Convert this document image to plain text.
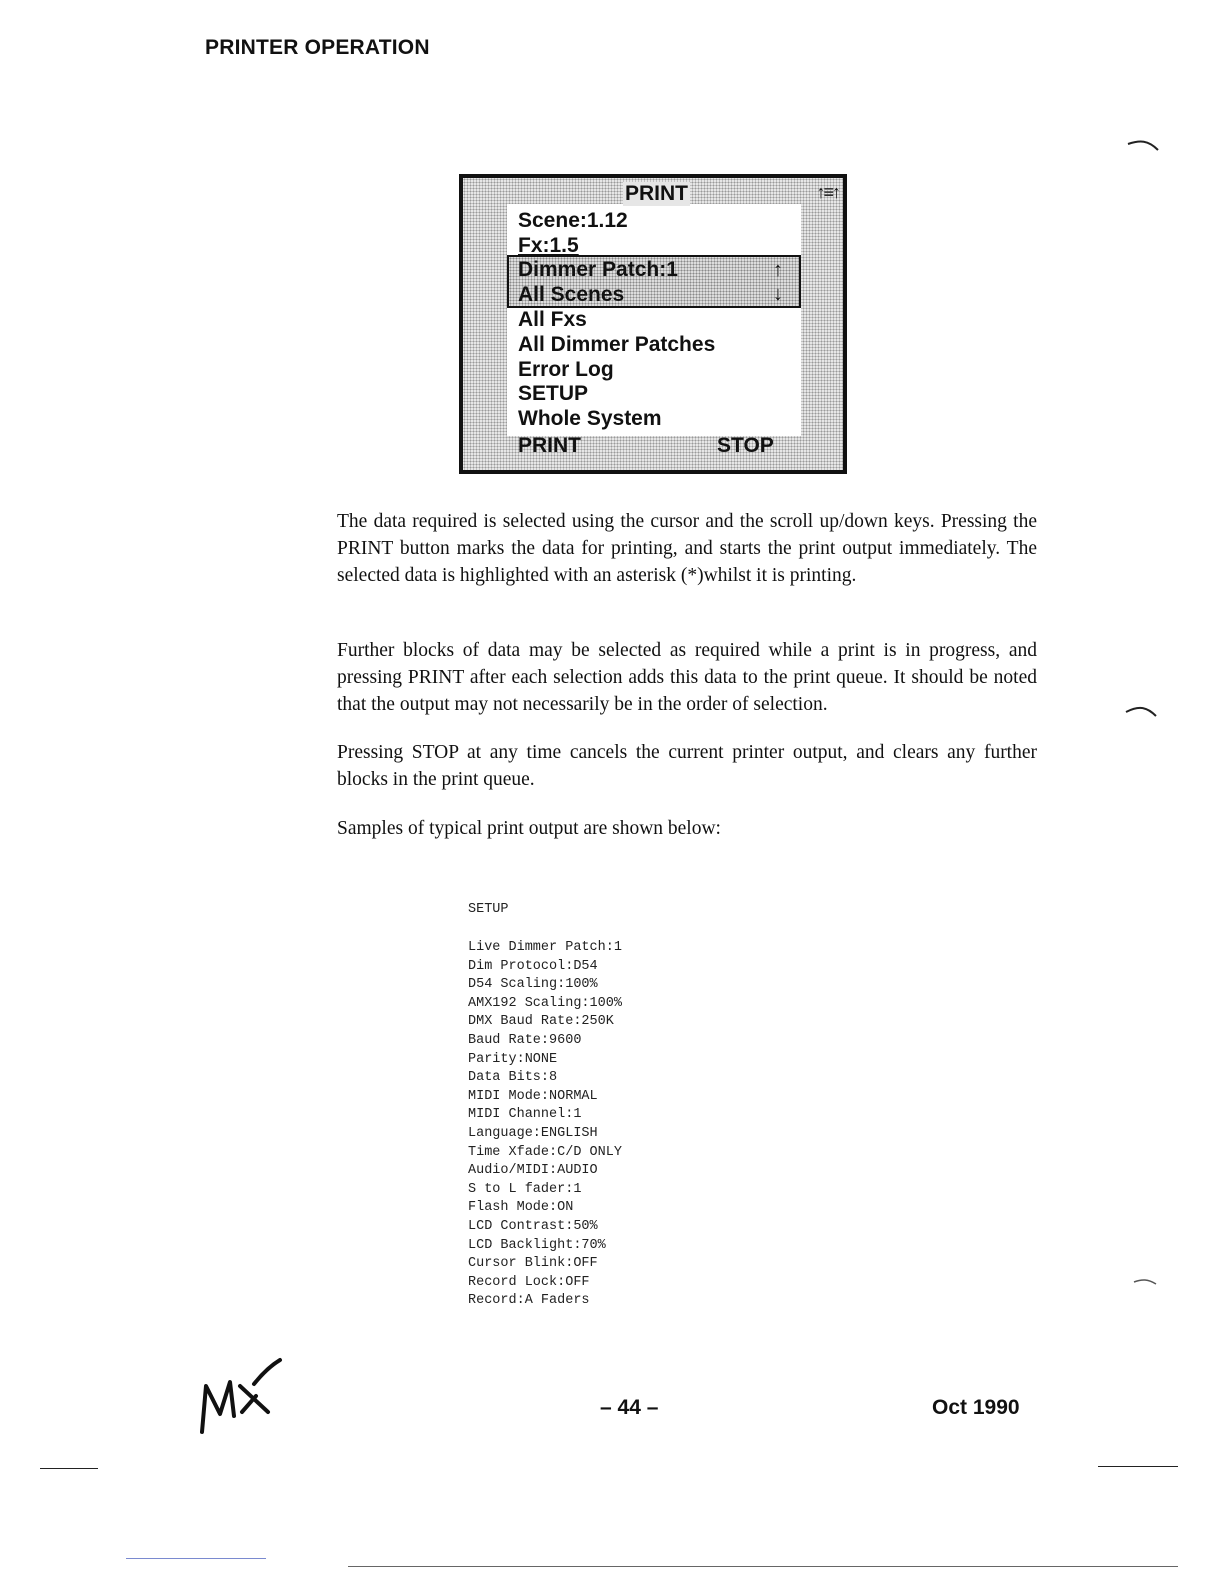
PRINTER OPERATION
PRINT	↑≡↑
↑
↓
Scene:1.12
Fx:1.5
Dimmer Patch:1
All Scenes
All Fxs
All Dimmer Patches
Error Log
SETUP
Whole System
PRINT	STOP

The data required is selected using the cursor and the scroll up/down keys. Pressing the PRINT button marks the data for printing, and starts the print output immediately. The selected data is highlighted with an asterisk (*)whilst it is printing.

Further blocks of data may be selected as required while a print is in progress, and pressing PRINT after each selection adds this data to the print queue. It should be noted that the output may not necessarily be in the order of selection.

Pressing STOP at any time cancels the current printer output, and clears any further blocks in the print queue.

Samples of typical print output are shown below:

SETUP
Live Dimmer Patch:1
Dim Protocol:D54
D54 Scaling:100%
AMX192 Scaling:100%
DMX Baud Rate:250K
Baud Rate:9600
Parity:NONE
Data Bits:8
MIDI Mode:NORMAL
MIDI Channel:1
Language:ENGLISH
Time Xfade:C/D ONLY
Audio/MIDI:AUDIO
S to L fader:1
Flash Mode:ON
LCD Contrast:50%
LCD Backlight:70%
Cursor Blink:OFF
Record Lock:OFF
Record:A Faders
– 44 –	Oct 1990
